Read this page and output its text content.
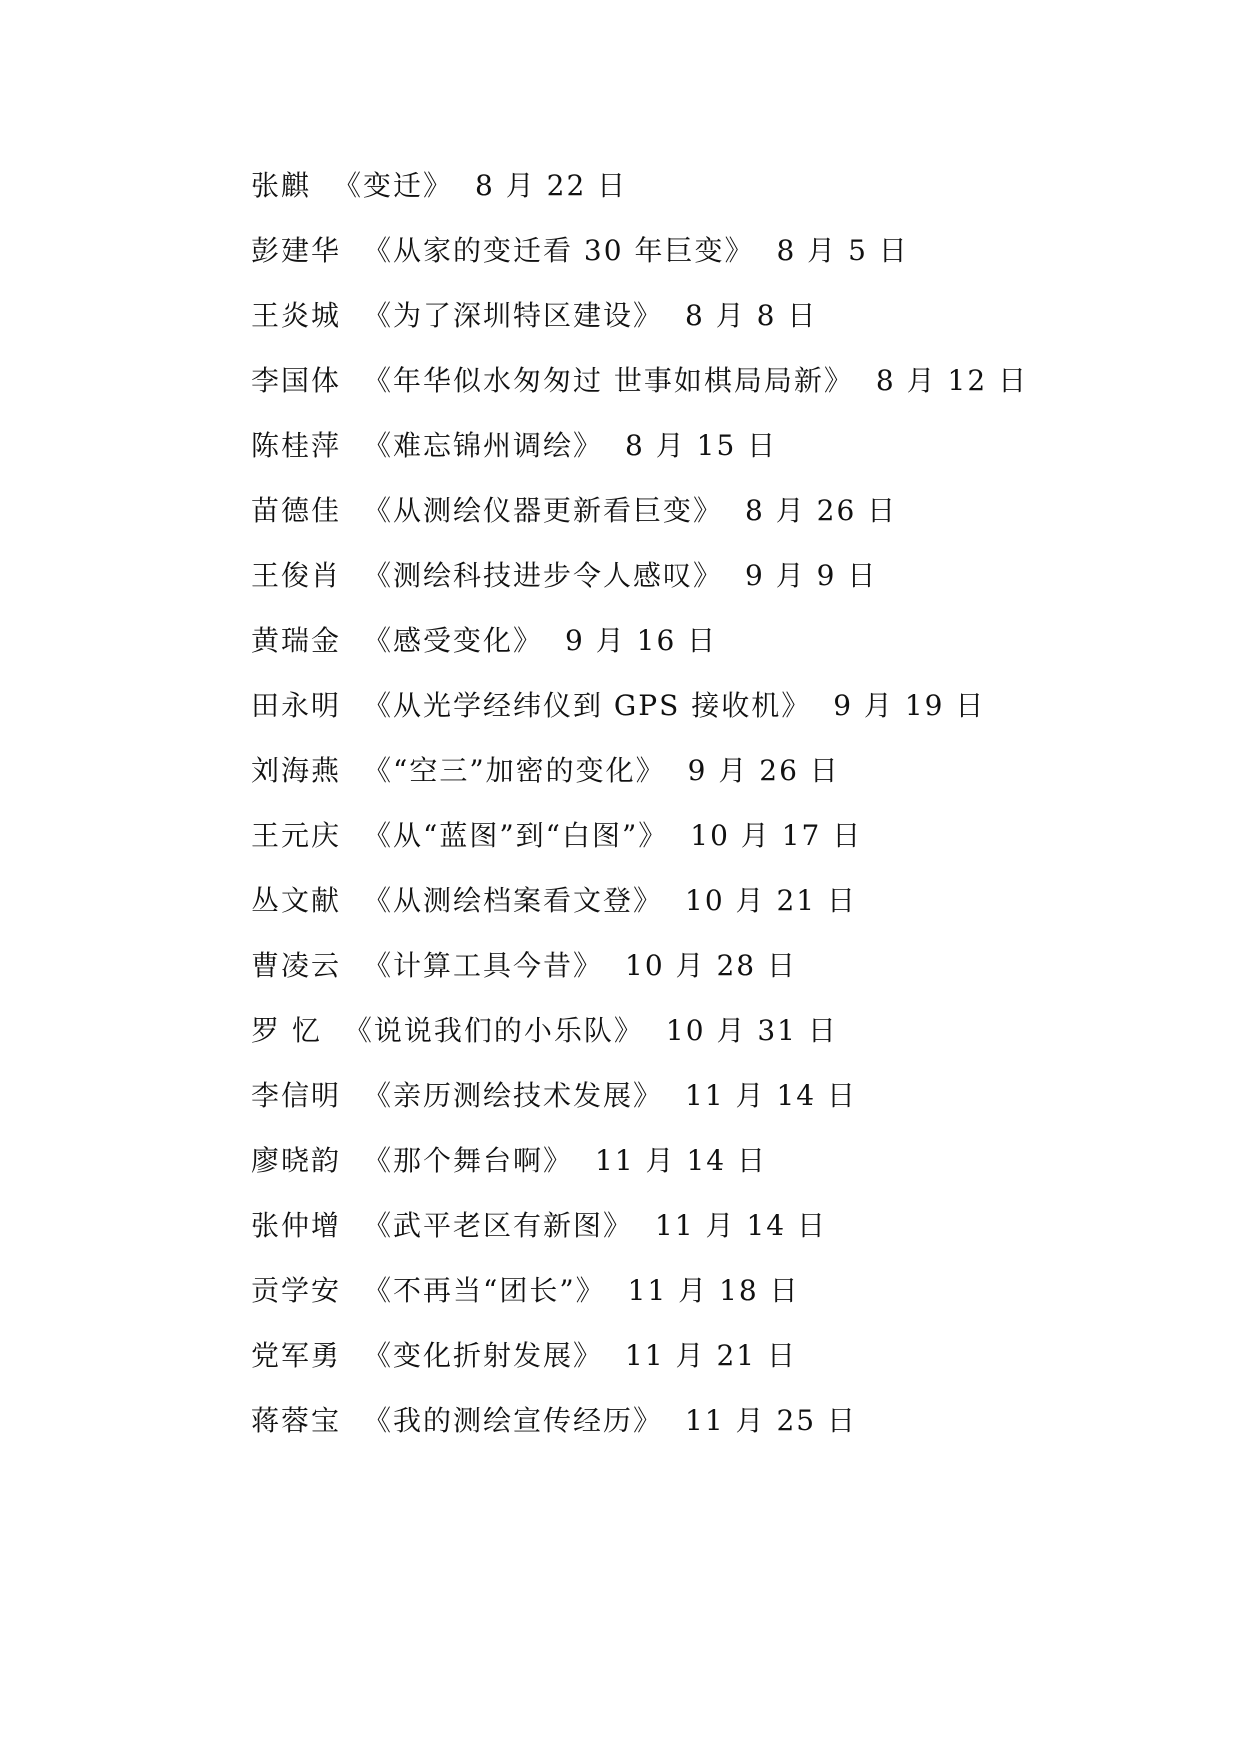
张麒 《变迁》 8 月 22 日
彭建华 《从家的变迁看 30 年巨变》 8 月 5 日
王炎城 《为了深圳特区建设》 8 月 8 日
李国体 《年华似水匆匆过 世事如棋局局新》 8 月 12 日
陈桂萍 《难忘锦州调绘》 8 月 15 日
苗德佳 《从测绘仪器更新看巨变》 8 月 26 日
王俊肖 《测绘科技进步令人感叹》 9 月 9 日
黄瑞金 《感受变化》 9 月 16 日
田永明 《从光学经纬仪到 GPS 接收机》 9 月 19 日
刘海燕 《“空三”加密的变化》 9 月 26 日
王元庆 《从“蓝图”到“白图”》 10 月 17 日
丛文献 《从测绘档案看文登》 10 月 21 日
曹凌云 《计算工具今昔》 10 月 28 日
罗 忆 《说说我们的小乐队》 10 月 31 日
李信明 《亲历测绘技术发展》 11 月 14 日
廖晓韵 《那个舞台啊》 11 月 14 日
张仲增 《武平老区有新图》 11 月 14 日
贡学安 《不再当“团长”》 11 月 18 日
党军勇 《变化折射发展》 11 月 21 日
蒋蓉宝 《我的测绘宣传经历》 11 月 25 日
